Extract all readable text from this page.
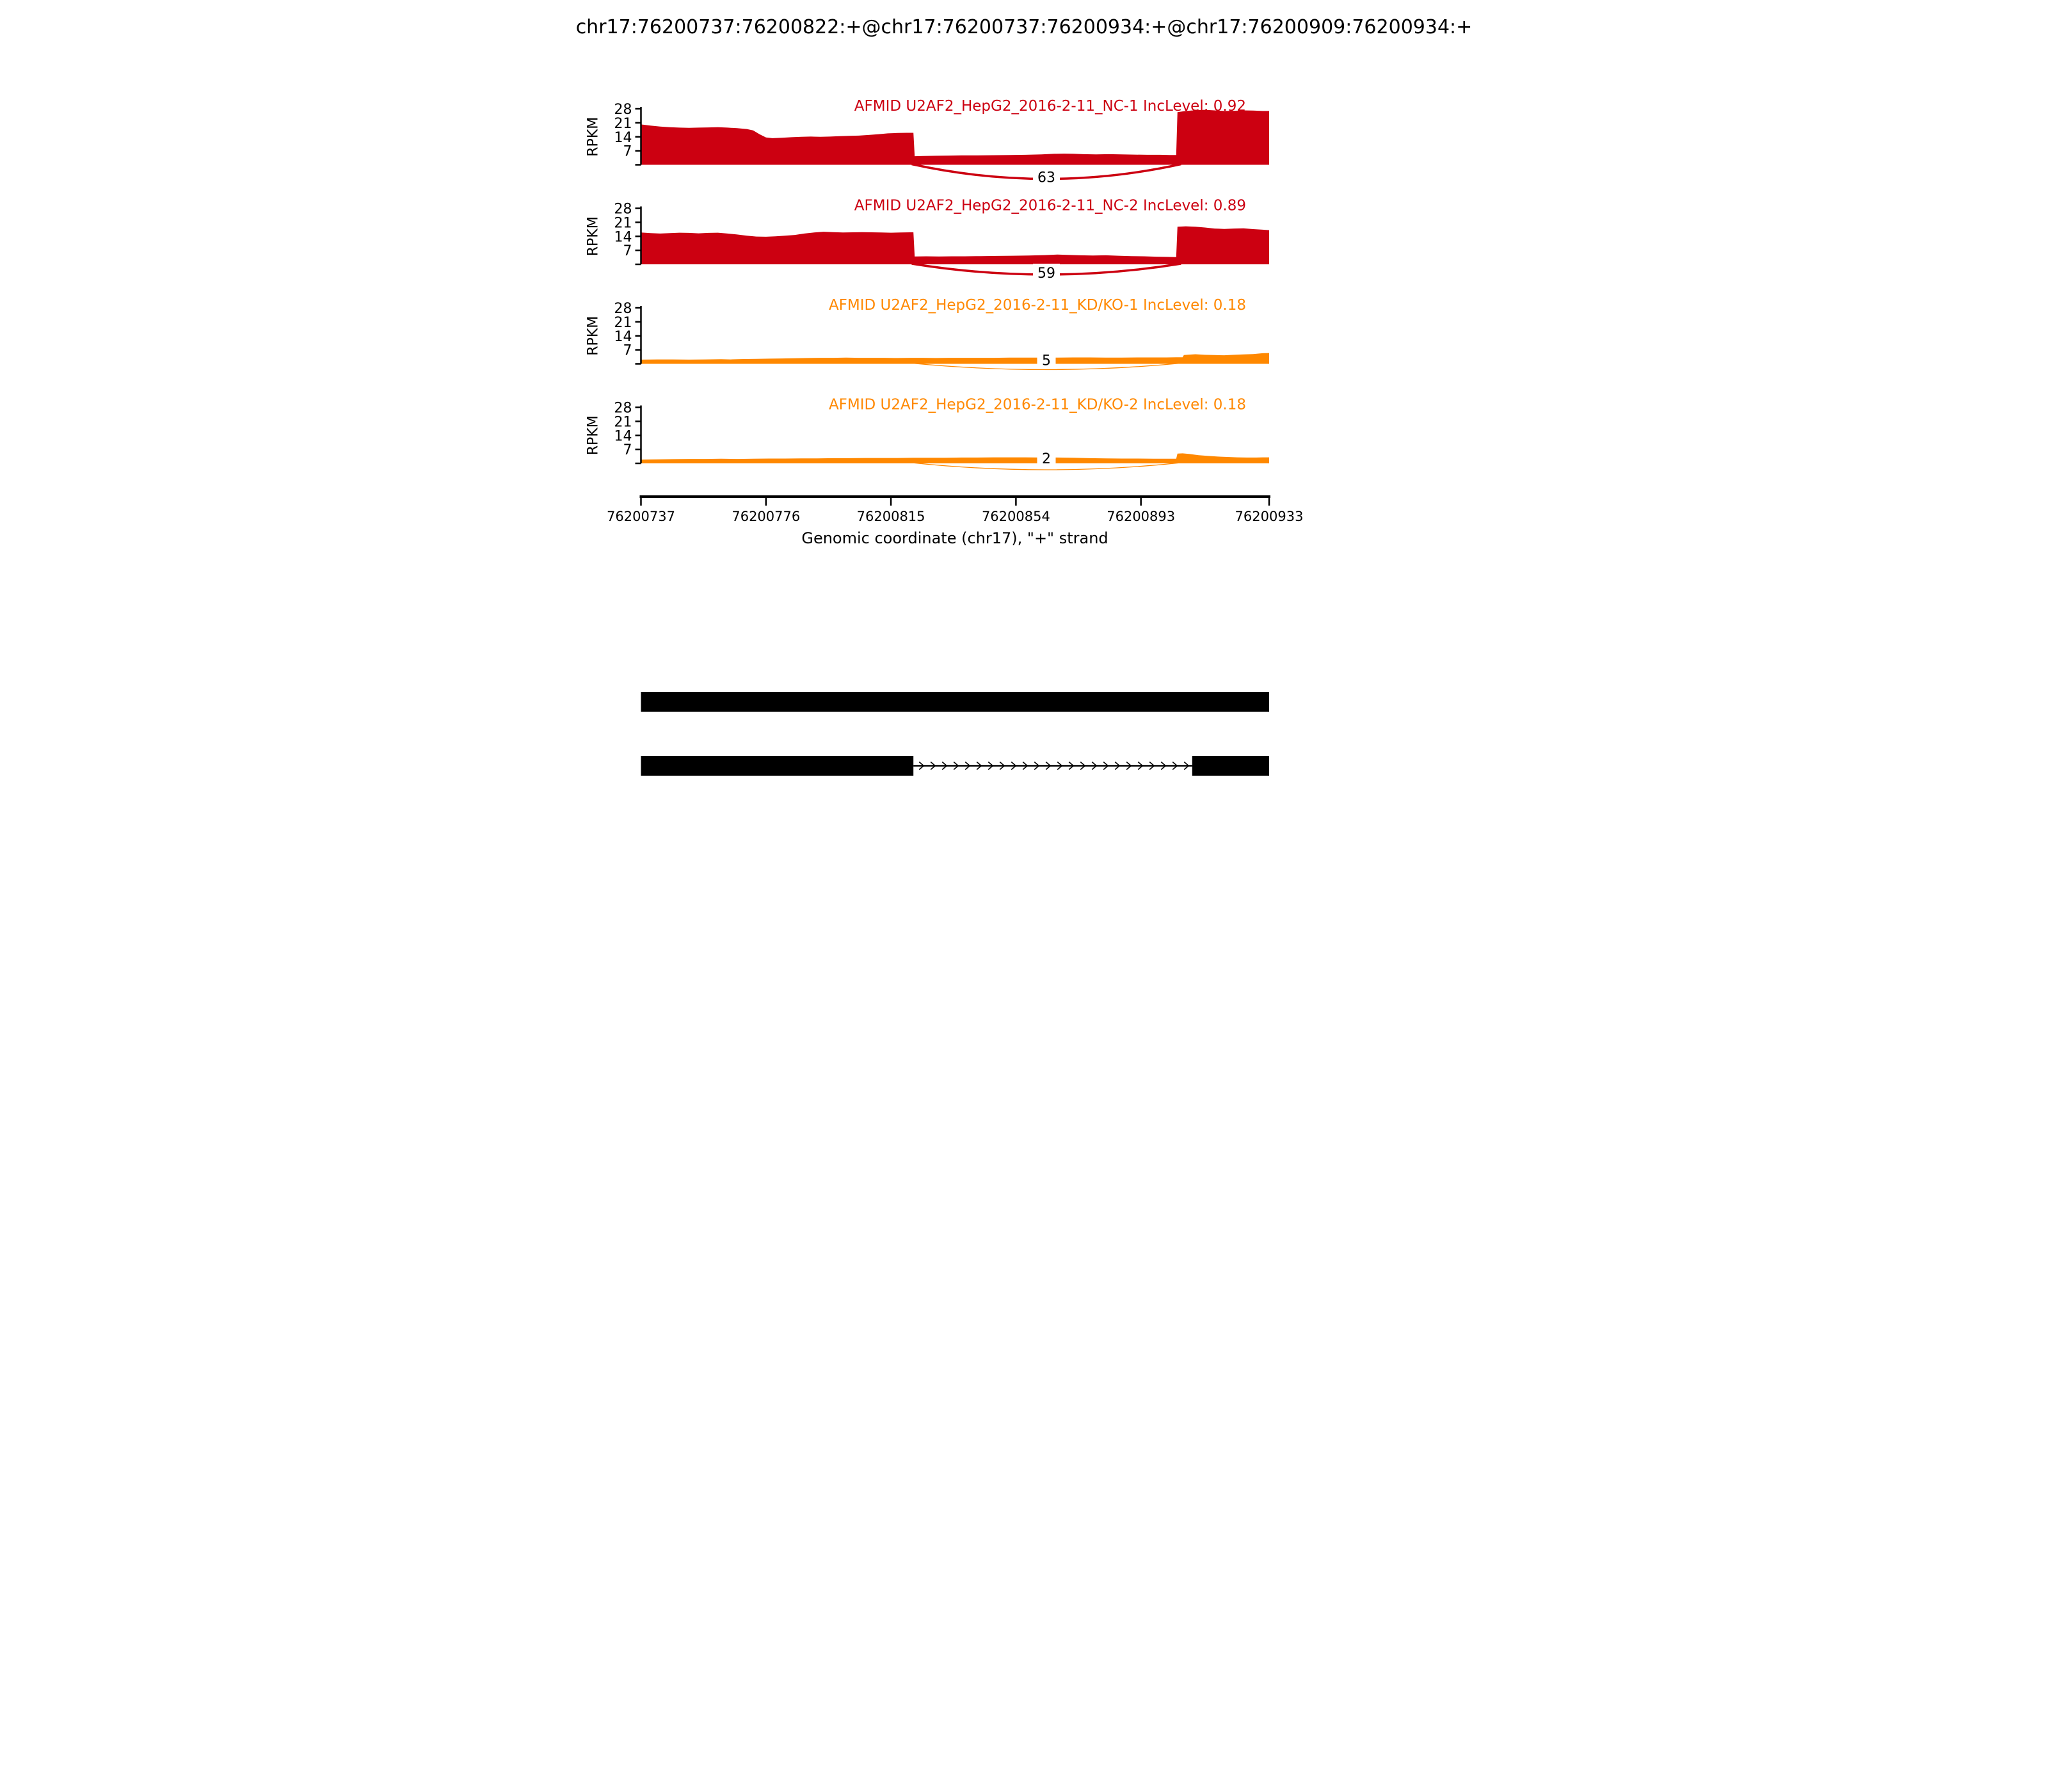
chr17:76200737:76200822:+@chr17:76200737:76200934:+@chr17:76200909:76200934:+
63
7
14
21
28
RPKM
AFMID U2AF2_HepG2_2016-2-11_NC-1 IncLevel: 0.92
59
7
14
21
28
RPKM
AFMID U2AF2_HepG2_2016-2-11_NC-2 IncLevel: 0.89
5
7
14
21
28
RPKM
AFMID U2AF2_HepG2_2016-2-11_KD/KO-1 IncLevel: 0.18
2
7
14
21
28
RPKM
AFMID U2AF2_HepG2_2016-2-11_KD/KO-2 IncLevel: 0.18
76200737	76200776	76200815	76200854	76200893	76200933
Genomic coordinate (chr17), "+" strand
